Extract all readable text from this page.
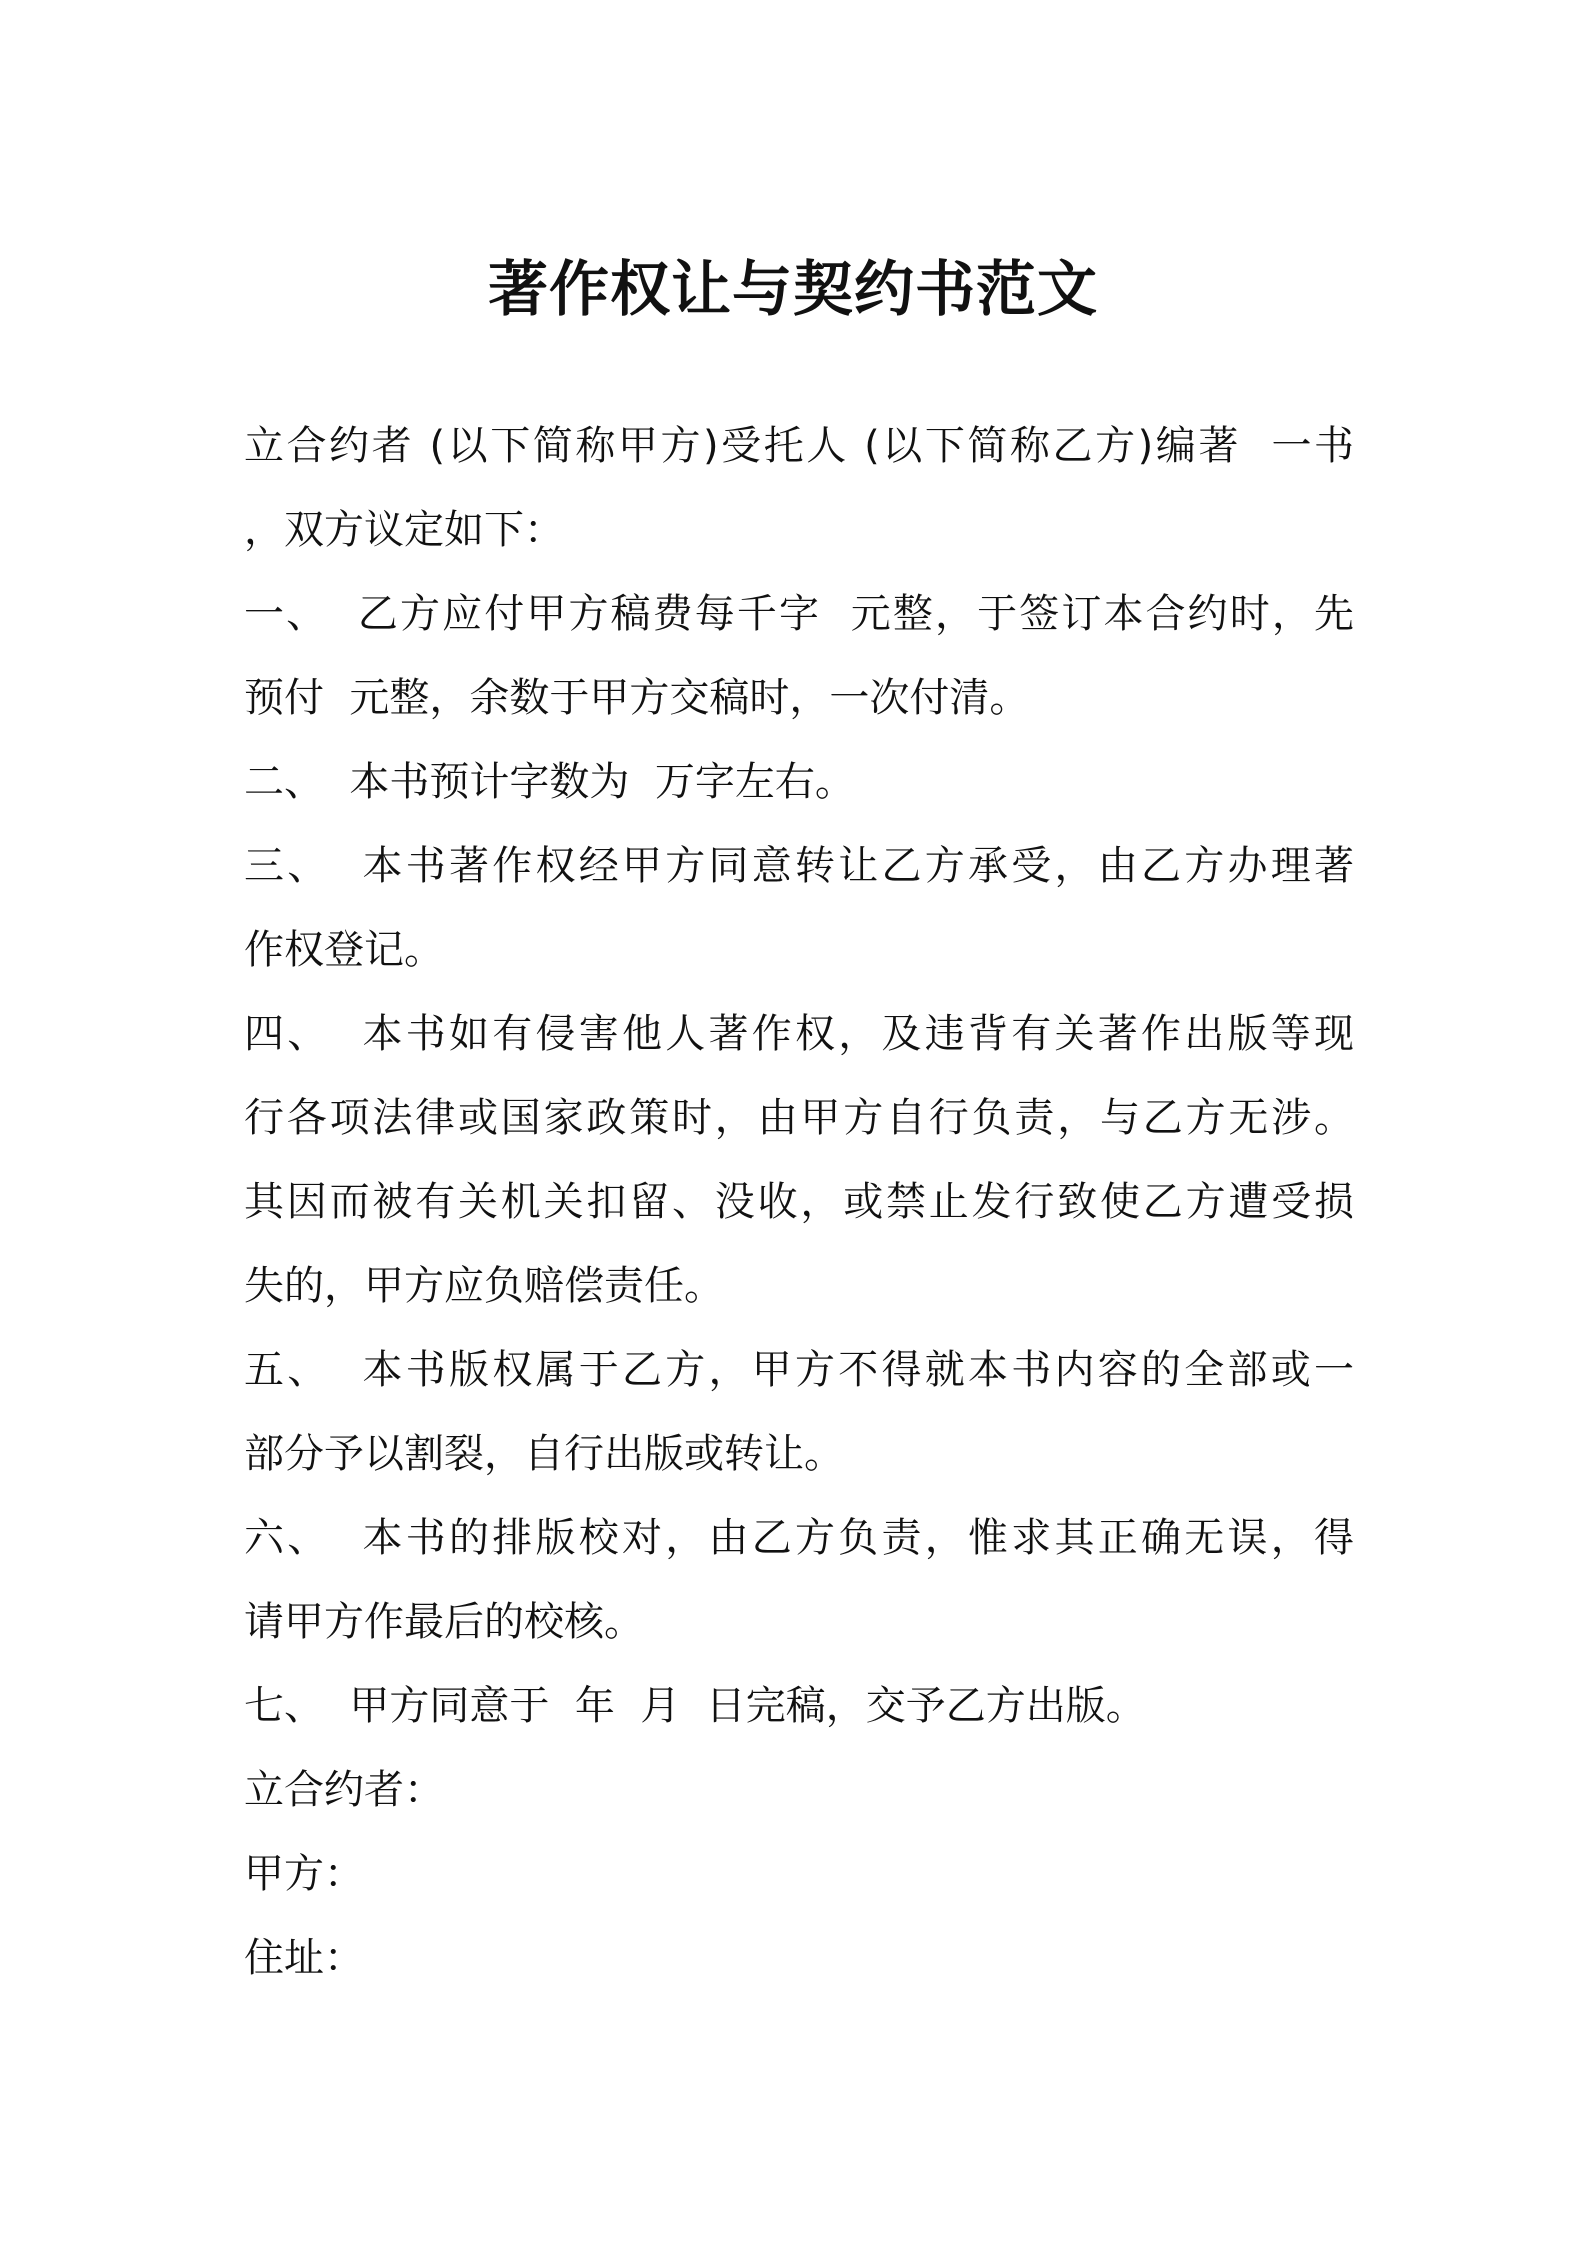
著作权让与契约书范文
立合约者 (以下简称甲方)受托人 (以下简称乙方)编著  一书
，双方议定如下：
一、  乙方应付甲方稿费每千字  元整，于签订本合约时，先
预付  元整，余数于甲方交稿时，一次付清。
二、  本书预计字数为  万字左右。
三、  本书著作权经甲方同意转让乙方承受，由乙方办理著
作权登记。
四、  本书如有侵害他人著作权，及违背有关著作出版等现
行各项法律或国家政策时，由甲方自行负责，与乙方无涉。
其因而被有关机关扣留、没收，或禁止发行致使乙方遭受损
失的，甲方应负赔偿责任。
五、  本书版权属于乙方，甲方不得就本书内容的全部或一
部分予以割裂，自行出版或转让。
六、  本书的排版校对，由乙方负责，惟求其正确无误，得
请甲方作最后的校核。
七、  甲方同意于  年  月  日完稿，交予乙方出版。
立合约者：
甲方：
住址：
